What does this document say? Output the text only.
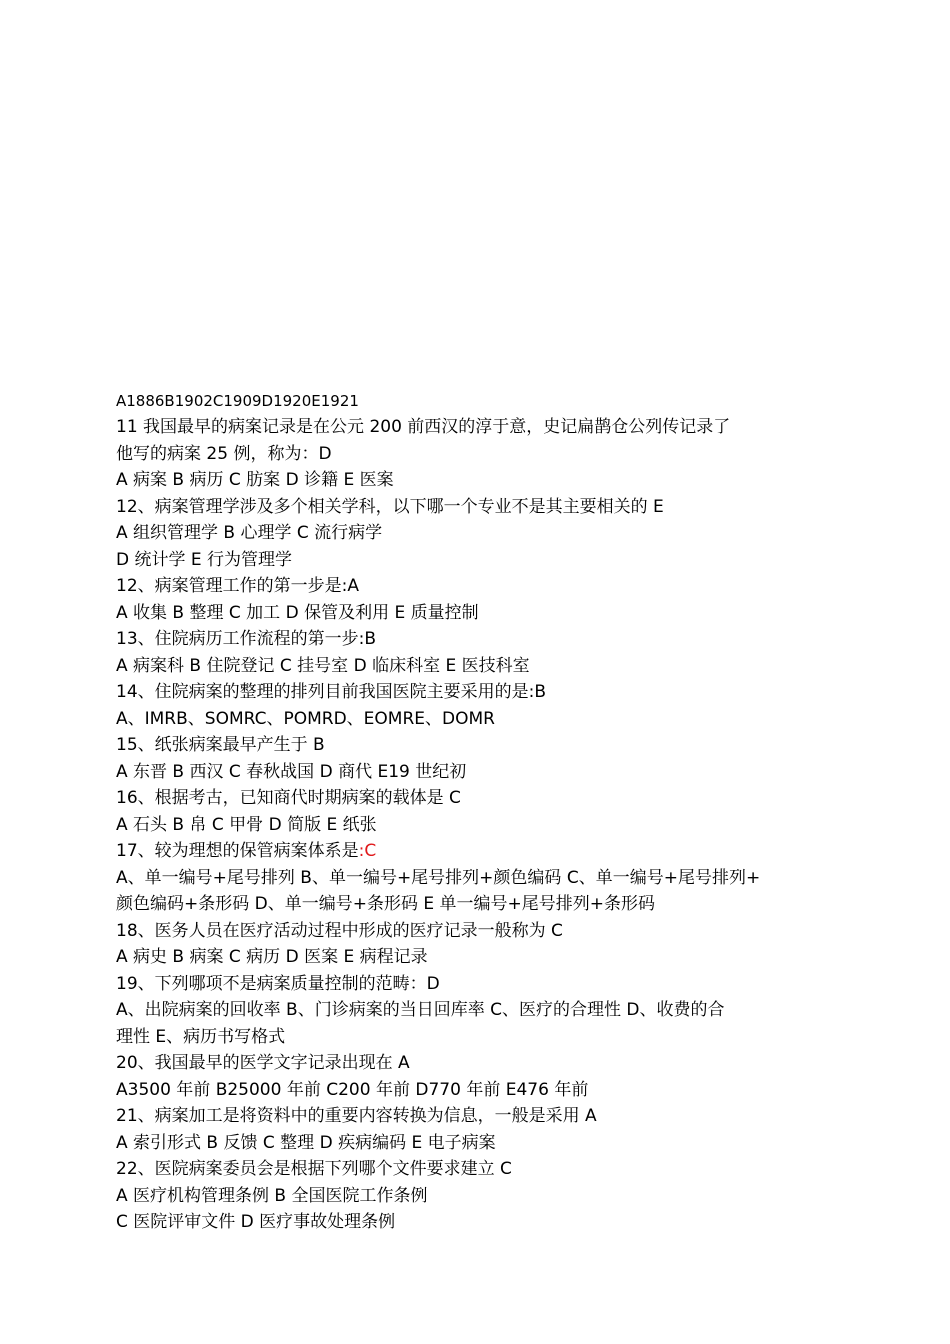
A1886B1902C1909D1920E1921
11 我国最早的病案记录是在公元 200 前西汉的淳于意，史记扁鹊仓公列传记录了
他写的病案 25 例，称为：D
A 病案 B 病历 C 肪案 D 诊籍 E 医案
12、病案管理学涉及多个相关学科，以下哪一个专业不是其主要相关的 E
A 组织管理学 B 心理学 C 流行病学
D 统计学 E 行为管理学
12、病案管理工作的第一步是:A
A 收集 B 整理 C 加工 D 保管及利用 E 质量控制
13、住院病历工作流程的第一步:B
A 病案科 B 住院登记 C 挂号室 D 临床科室 E 医技科室
14、住院病案的整理的排列目前我国医院主要采用的是:B
A、IMRB、SOMRC、POMRD、EOMRE、DOMR
15、纸张病案最早产生于 B
A 东晋 B 西汉 C 春秋战国 D 商代 E19 世纪初
16、根据考古，已知商代时期病案的载体是 C
A 石头 B 帛 C 甲骨 D 简版 E 纸张
17、较为理想的保管病案体系是:C
A、单一编号+尾号排列 B、单一编号+尾号排列+颜色编码 C、单一编号+尾号排列+
颜色编码+条形码 D、单一编号+条形码 E 单一编号+尾号排列+条形码
18、医务人员在医疗活动过程中形成的医疗记录一般称为 C
A 病史 B 病案 C 病历 D 医案 E 病程记录
19、下列哪项不是病案质量控制的范畴：D
A、出院病案的回收率 B、门诊病案的当日回库率 C、医疗的合理性 D、收费的合
理性 E、病历书写格式
20、我国最早的医学文字记录出现在 A
A3500 年前 B25000 年前 C200 年前 D770 年前 E476 年前
21、病案加工是将资料中的重要内容转换为信息，一般是采用 A
A 索引形式 B 反馈 C 整理 D 疾病编码 E 电子病案
22、医院病案委员会是根据下列哪个文件要求建立 C
A 医疗机构管理条例 B 全国医院工作条例
C 医院评审文件 D 医疗事故处理条例
